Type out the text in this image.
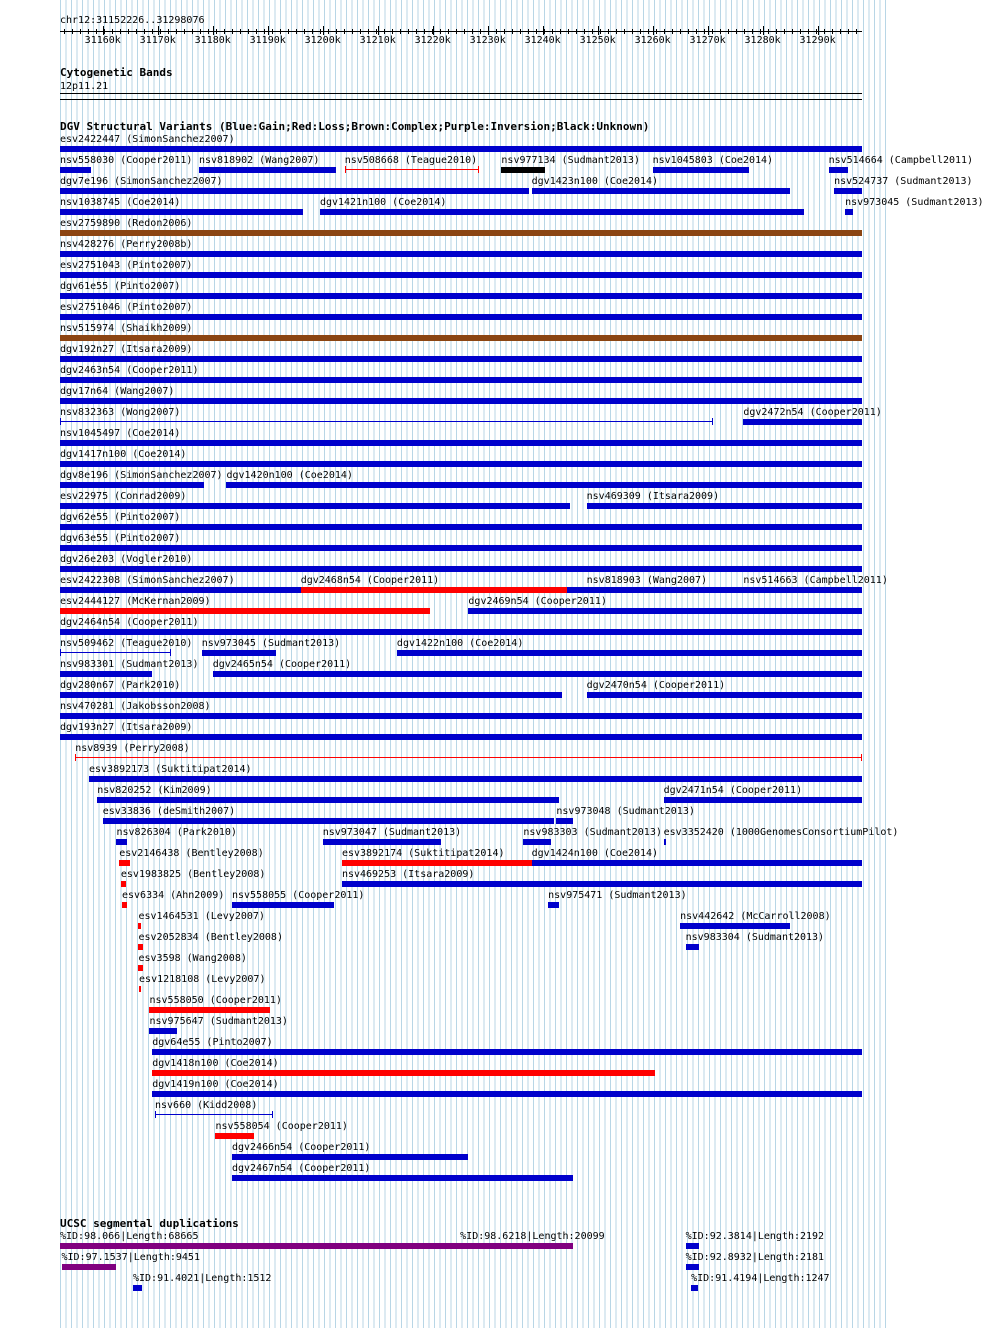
chr12:31152226..31298076
31160k 31170k 31180k 31190k 31200k 31210k 31220k 31230k 31240k 31250k 31260k 31270k 31280k 31290k
Cytogenetic Bands
12p11.21
DGV Structural Variants (Blue:Gain;Red:Loss;Brown:Complex;Purple:Inversion;Black:Unknown)
esv2422447 (SimonSanchez2007)
nsv558030 (Cooper2011) nsv818902 (Wang2007)	nsv508668 (Teague2010) nsv977134 (Sudmant2013) nsv1045803 (Coe2014)	nsv514664 (Campbell2011)
dgv7e196 (SimonSanchez2007)	dgv1423n100 (Coe2014)	nsv524737 (Sudmant2013)
nsv1038745 (Coe2014)	dgv1421n100 (Coe2014)	nsv973045 (Sudmant2013)
esv2759890 (Redon2006)
nsv428276 (Perry2008b)
esv2751043 (Pinto2007)
dgv61e55 (Pinto2007)
esv2751046 (Pinto2007)
nsv515974 (Shaikh2009)
dgv192n27 (Itsara2009)
dgv2463n54 (Cooper2011)
dgv17n64 (Wang2007)
nsv832363 (Wong2007)	dgv2472n54 (Cooper2011)
nsv1045497 (Coe2014)
dgv1417n100 (Coe2014)
dgv8e196 (SimonSanchez2007) dgv1420n100 (Coe2014)
esv22975 (Conrad2009)	nsv469309 (Itsara2009)
dgv62e55 (Pinto2007)
dgv63e55 (Pinto2007)
dgv26e203 (Vogler2010)
esv2422308 (SimonSanchez2007)	dgv2468n54 (Cooper2011)	nsv818903 (Wang2007)	nsv514663 (Campbell2011)
esv2444127 (McKernan2009)	dgv2469n54 (Cooper2011)
dgv2464n54 (Cooper2011)
nsv509462 (Teague2010) nsv973045 (Sudmant2013)	dgv1422n100 (Coe2014)
nsv983301 (Sudmant2013) dgv2465n54 (Cooper2011)
dgv280n67 (Park2010)	dgv2470n54 (Cooper2011)
nsv470281 (Jakobsson2008)
dgv193n27 (Itsara2009)
nsv8939 (Perry2008)
esv3892173 (Suktitipat2014)
nsv820252 (Kim2009)	dgv2471n54 (Cooper2011)
esv33836 (deSmith2007)	nsv973048 (Sudmant2013)
nsv826304 (Park2010)	nsv973047 (Sudmant2013)	nsv983303 (Sudmant2013) esv3352420 (1000GenomesConsortiumPilot)
esv2146438 (Bentley2008)	esv3892174 (Suktitipat2014)	dgv1424n100 (Coe2014)
esv1983825 (Bentley2008)	nsv469253 (Itsara2009)
esv6334 (Ahn2009) nsv558055 (Cooper2011)	nsv975471 (Sudmant2013)
esv1464531 (Levy2007)	nsv442642 (McCarroll2008)
esv2052834 (Bentley2008)	nsv983304 (Sudmant2013)
esv3598 (Wang2008)
esv1218108 (Levy2007)
nsv558050 (Cooper2011)
nsv975647 (Sudmant2013)
dgv64e55 (Pinto2007)
dgv1418n100 (Coe2014)
dgv1419n100 (Coe2014)
nsv660 (Kidd2008)
nsv558054 (Cooper2011)
dgv2466n54 (Cooper2011)
dgv2467n54 (Cooper2011)
UCSC segmental duplications
%ID:98.066|Length:68665	%ID:98.6218|Length:20099	%ID:92.3814|Length:2192
%ID:97.1537|Length:9451	%ID:92.8932|Length:2181
%ID:91.4021|Length:1512	%ID:91.4194|Length:1247
